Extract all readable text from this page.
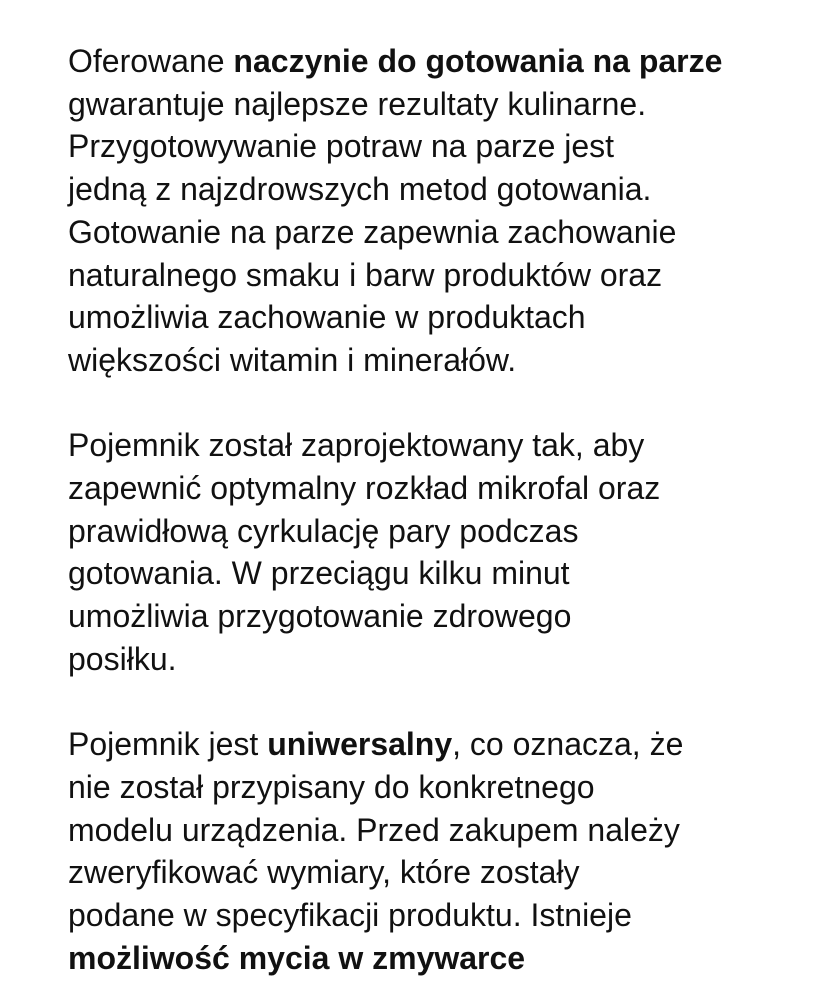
Oferowane naczynie do gotowania na parze
gwarantuje najlepsze rezultaty kulinarne.
Przygotowywanie potraw na parze jest
jedną z najzdrowszych metod gotowania.
Gotowanie na parze zapewnia zachowanie
naturalnego smaku i barw produktów oraz
umożliwia zachowanie w produktach
większości witamin i minerałów.

Pojemnik został zaprojektowany tak, aby
zapewnić optymalny rozkład mikrofal oraz
prawidłową cyrkulację pary podczas
gotowania. W przeciągu kilku minut
umożliwia przygotowanie zdrowego
posiłku.

Pojemnik jest uniwersalny, co oznacza, że
nie został przypisany do konkretnego
modelu urządzenia. Przed zakupem należy
zweryfikować wymiary, które zostały
podane w specyfikacji produktu. Istnieje
możliwość mycia w zmywarce
